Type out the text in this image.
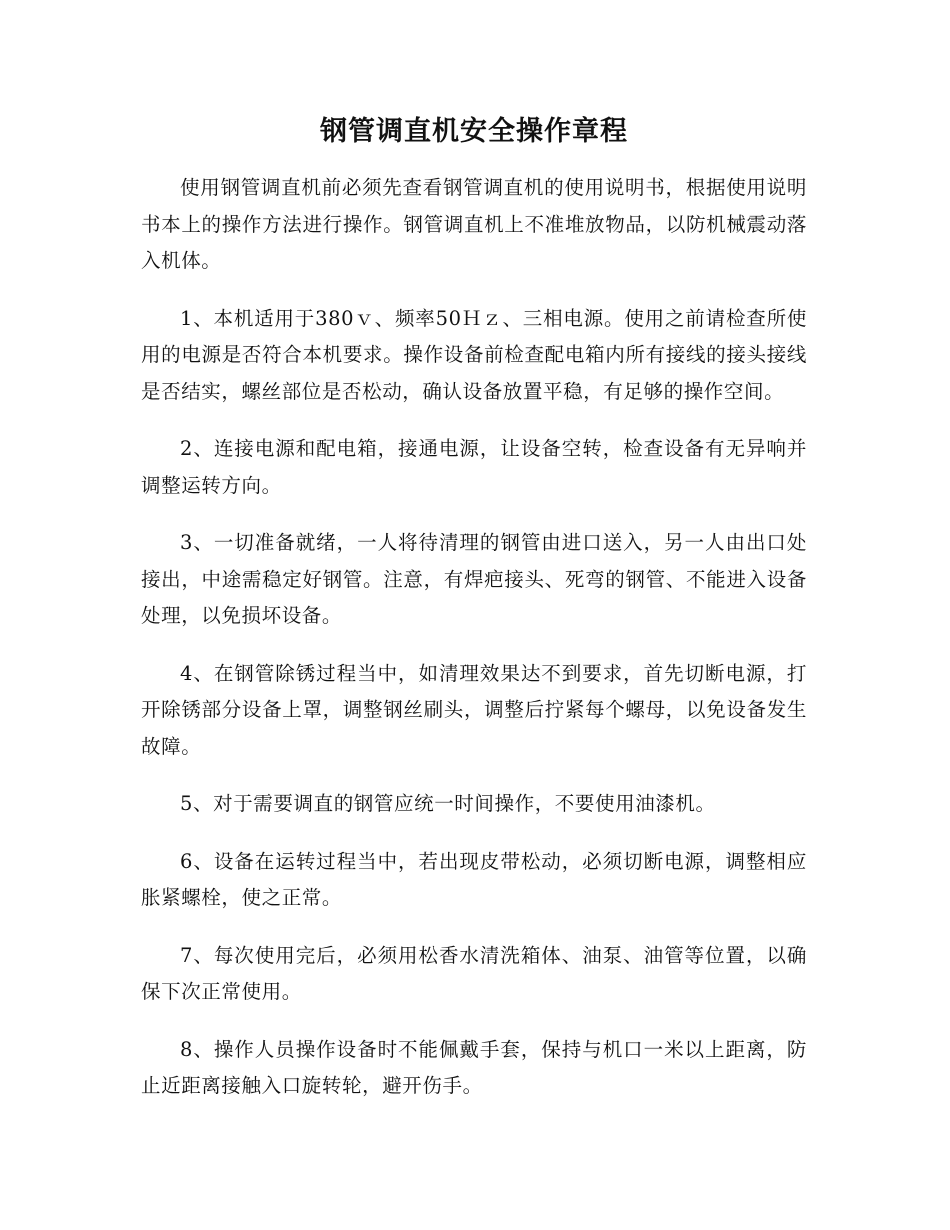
钢管调直机安全操作章程

使用钢管调直机前必须先查看钢管调直机的使用说明书，根据使用说明书本上的操作方法进行操作。钢管调直机上不准堆放物品，以防机械震动落入机体。

1、本机适用于380ｖ、频率50Ｈｚ、三相电源。使用之前请检查所使用的电源是否符合本机要求。操作设备前检查配电箱内所有接线的接头接线是否结实，螺丝部位是否松动，确认设备放置平稳，有足够的操作空间。

2、连接电源和配电箱，接通电源，让设备空转，检查设备有无异响并调整运转方向。

3、一切准备就绪，一人将待清理的钢管由进口送入，另一人由出口处接出，中途需稳定好钢管。注意，有焊疤接头、死弯的钢管、不能进入设备处理，以免损坏设备。

4、在钢管除锈过程当中，如清理效果达不到要求，首先切断电源，打开除锈部分设备上罩，调整钢丝刷头，调整后拧紧每个螺母，以免设备发生故障。

5、对于需要调直的钢管应统一时间操作，不要使用油漆机。

6、设备在运转过程当中，若出现皮带松动，必须切断电源，调整相应胀紧螺栓，使之正常。

7、每次使用完后，必须用松香水清洗箱体、油泵、油管等位置，以确保下次正常使用。

8、操作人员操作设备时不能佩戴手套，保持与机口一米以上距离，防止近距离接触入口旋转轮，避开伤手。
